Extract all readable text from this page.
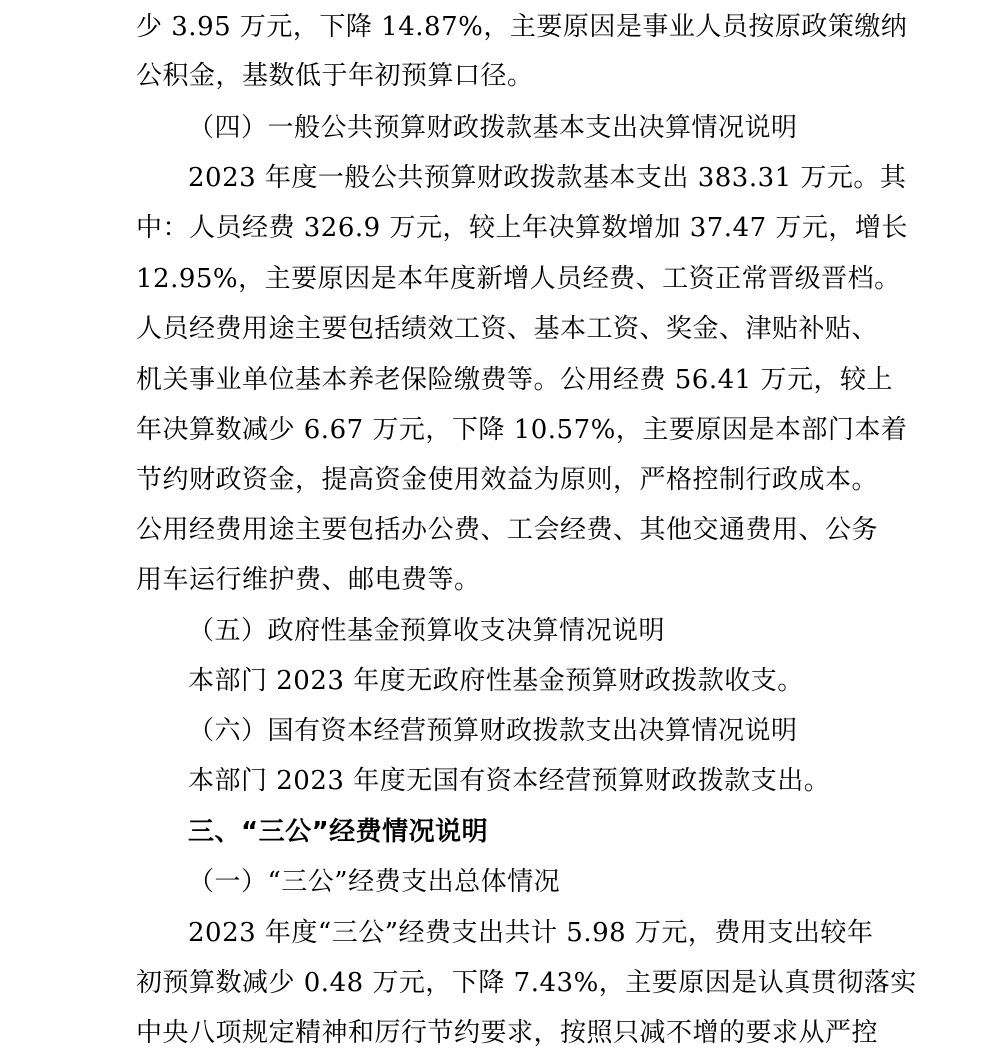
少 3.95 万元，下降 14.87%，主要原因是事业人员按原政策缴纳
公积金，基数低于年初预算口径。
（四）一般公共预算财政拨款基本支出决算情况说明
2023 年度一般公共预算财政拨款基本支出 383.31 万元。其
中：人员经费 326.9 万元，较上年决算数增加 37.47 万元，增长
12.95%，主要原因是本年度新增人员经费、工资正常晋级晋档。
人员经费用途主要包括绩效工资、基本工资、奖金、津贴补贴、
机关事业单位基本养老保险缴费等。公用经费 56.41 万元，较上
年决算数减少 6.67 万元，下降 10.57%，主要原因是本部门本着
节约财政资金，提高资金使用效益为原则，严格控制行政成本。
公用经费用途主要包括办公费、工会经费、其他交通费用、公务
用车运行维护费、邮电费等。
（五）政府性基金预算收支决算情况说明
本部门 2023 年度无政府性基金预算财政拨款收支。
（六）国有资本经营预算财政拨款支出决算情况说明
本部门 2023 年度无国有资本经营预算财政拨款支出。
三、“三公”经费情况说明
（一）“三公”经费支出总体情况
2023 年度“三公”经费支出共计 5.98 万元，费用支出较年
初预算数减少 0.48 万元，下降 7.43%，主要原因是认真贯彻落实
中央八项规定精神和厉行节约要求，按照只减不增的要求从严控
